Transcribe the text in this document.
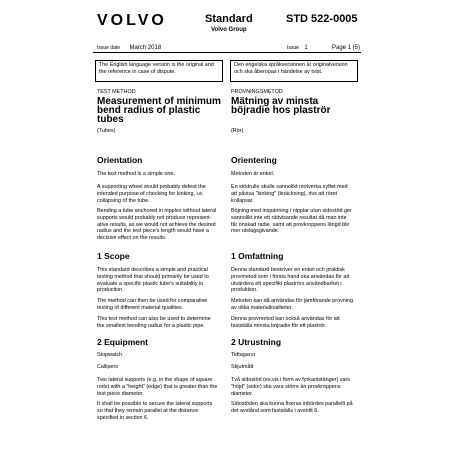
VOLVO	Standard
Volvo Group
STD 522-0005
Issue date March 2018	Issue 1	Page 1 (5)
The English language version is the original and the reference in case of dispute.
Den engelska språkversionen är originalversion och ska åberopas i händelse av tvist.
TEST METHOD
Measurement of minimum
bend radius of plastic
tubes
(Tubes)
Orientation
The test method is a simple one.
A supporting wheel would probably defeat the
intended purpose of checking for kinking, i.e.
collapsing of the tube.
Bending a tube anchored in nipples without lateral
supports would probably not produce represent-
ative results, as we would not achieve the desired
radius and the test piece's length would have a
decisive effect on the results.
1 Scope
This standard describes a simple and practical
testing method that should primarily be used to
evaluate a specific plastic tube's suitability in
production.
The method can then be used for comparative
testing of different material qualities.
This test method can also be used to determine
the smallest bending radius for a plastic pipe.
2 Equipment
Stopwatch
Callipers
Two lateral supports (e.g. in the shape of square
rods) with a "height" (edge) that is greater than the
test piece diameter.
It shall be possible to secure the lateral supports
so that they remain parallel at the distance
specified in section 6.
PROVNINGSMETOD
Mätning av minsta
böjradie hos plaströr
(Rör)
Orientering
Metoden är enkel.
En stödrulle skulle sannolikt motverka syftet med
att påvisa "kinking" (knäckning), dvs att röret
kollapsar.
Böjning med inspänning i nipplar utan sidostöd ger
sannolikt inte ett rättvisande resultat då man inte
får önskad radie, samt att provkroppens längd blir
mer utslagsgivande.
1 Omfattning
Denna standard beskriver en enkel och praktisk
provmetod som i första hand ska användas för att
utvärdera ett specifikt plaströrs användbarhet i
produktion.
Metoden kan då användas för jämförande provning
av olika materialkvaliteter.
Denna provmetod kan också användas för att
fastställa minsta böjradie för ett plaströr.
2 Utrustning
Tidtagarur
Skjutmått
Två sidostöd (ex.vis i form av fyrkantstänger) vars
"höjd" (sidor) ska vara större än provkroppens
diameter.
Sidostöden ska kunna fixeras inbördes parallellt på
det avstånd som fastställs i avsnitt 6.
